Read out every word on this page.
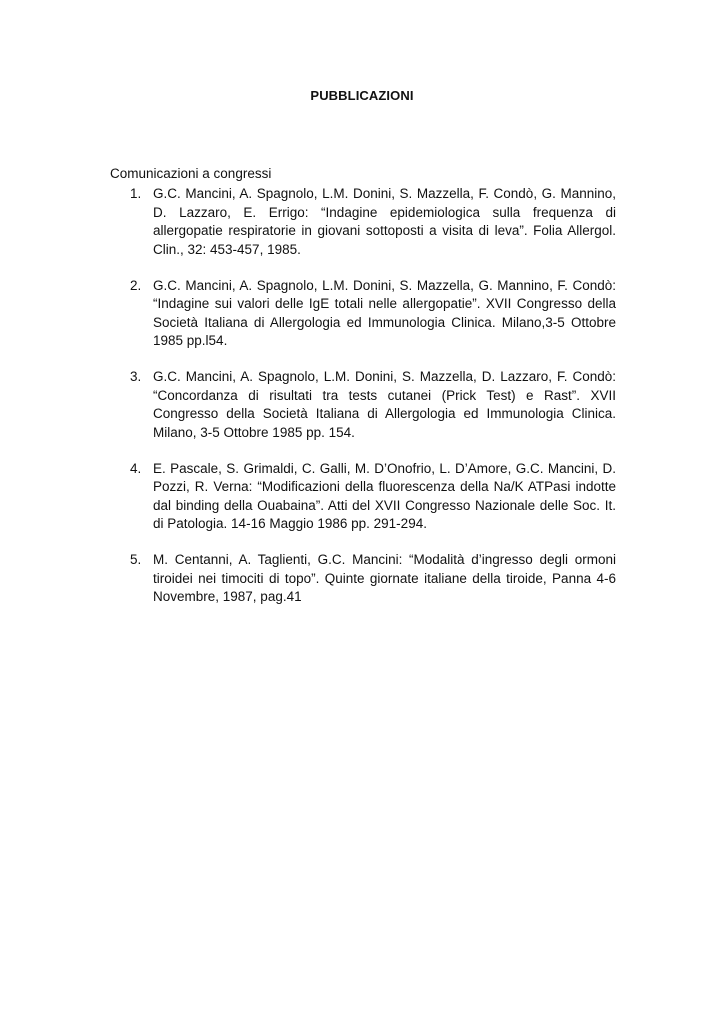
PUBBLICAZIONI
Comunicazioni a congressi
1. G.C. Mancini, A. Spagnolo, L.M. Donini, S. Mazzella, F. Condò, G. Mannino, D. Lazzaro, E. Errigo: “Indagine epidemiologica sulla frequenza di allergopatie respiratorie in giovani sottoposti a visita di leva”. Folia Allergol. Clin., 32: 453-457, 1985.
2. G.C. Mancini, A. Spagnolo, L.M. Donini, S. Mazzella, G. Mannino, F. Condò: “Indagine sui valori delle IgE totali nelle allergopatie”. XVII Congresso della Società Italiana di Allergologia ed Immunologia Clinica. Milano,3-5 Ottobre 1985 pp.l54.
3. G.C. Mancini, A. Spagnolo, L.M. Donini, S. Mazzella, D. Lazzaro, F. Condò: “Concordanza di risultati tra tests cutanei (Prick Test) e Rast”. XVII Congresso della Società Italiana di Allergologia ed Immunologia Clinica. Milano, 3-5 Ottobre 1985 pp. 154.
4. E. Pascale, S. Grimaldi, C. Galli, M. D’Onofrio, L. D’Amore, G.C. Mancini, D. Pozzi, R. Verna: “Modificazioni della fluorescenza della Na/K ATPasi indotte dal binding della Ouabaina”. Atti del XVII Congresso Nazionale delle Soc. It. di Patologia. 14-16 Maggio 1986 pp. 291-294.
5. M. Centanni, A. Taglienti, G.C. Mancini: “Modalità d’ingresso degli ormoni tiroidei nei timociti di topo”. Quinte giornate italiane della tiroide, Panna 4-6 Novembre, 1987, pag.41
